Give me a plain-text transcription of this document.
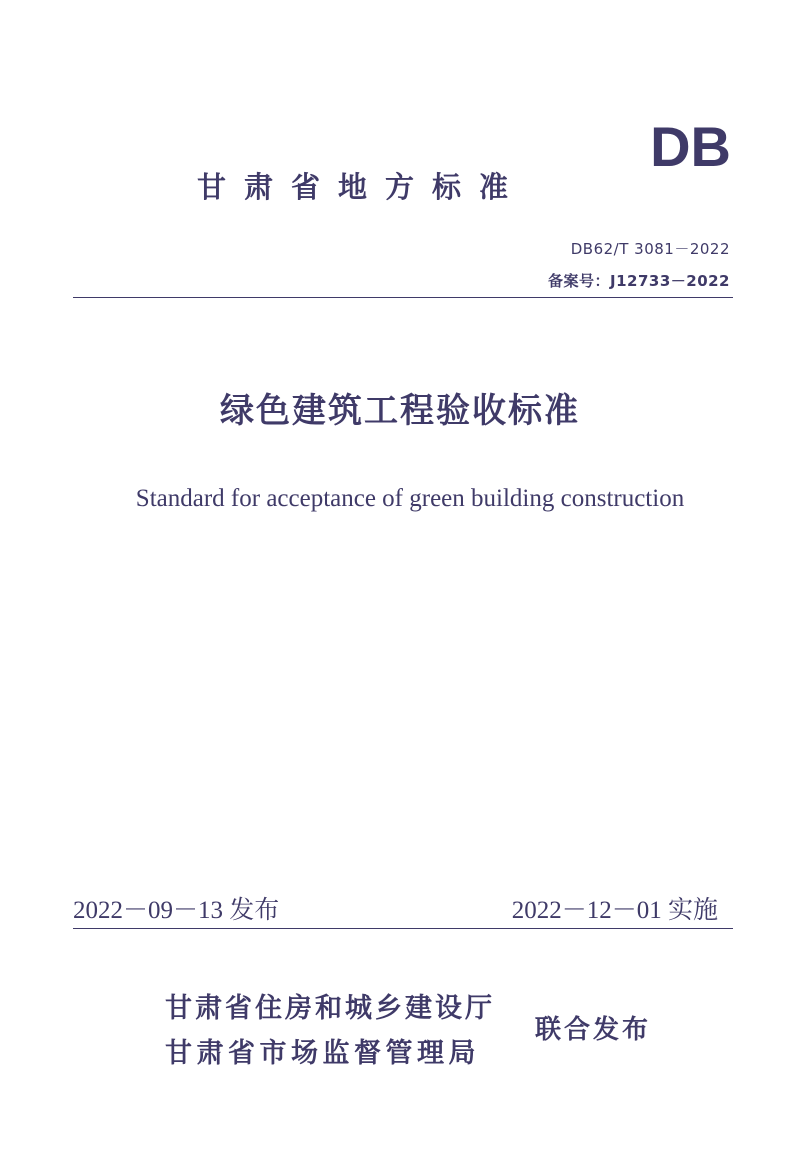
甘肃省地方标准
DB
DB62/T 3081－2022
备案号：J12733－2022
绿色建筑工程验收标准
Standard for acceptance of green building construction
2022－09－13 发布	2022－12－01 实施
甘肃省住房和城乡建设厅
甘肃省市场监督管理局
联合发布
